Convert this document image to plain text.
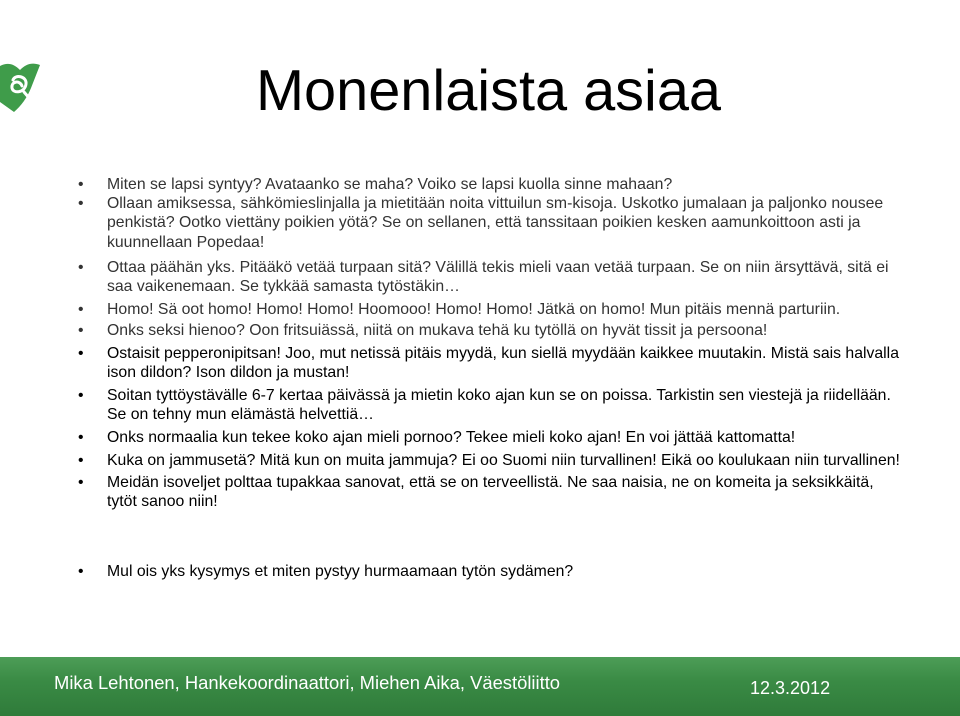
Monenlaista asiaa
• Miten se lapsi syntyy? Avataanko se maha? Voiko se lapsi kuolla sinne mahaan?
• Ollaan amiksessa, sähkömieslinjalla ja mietitään noita vittuilun sm-kisoja. Uskotko jumalaan ja paljonko nousee
penkistä? Ootko viettäny poikien yötä? Se on sellanen, että tanssitaan poikien kesken aamunkoittoon asti ja
kuunnellaan Popedaa!
• Ottaa päähän yks. Pitääkö vetää turpaan sitä? Välillä tekis mieli vaan vetää turpaan. Se on niin ärsyttävä, sitä ei
saa vaikenemaan. Se tykkää samasta tytöstäkin…
• Homo! Sä oot homo! Homo! Homo! Hoomooo! Homo! Homo! Jätkä on homo! Mun pitäis mennä parturiin.
• Onks seksi hienoo? Oon fritsuiässä, niitä on mukava tehä ku tytöllä on hyvät tissit ja persoona!
• Ostaisit pepperonipitsan! Joo, mut netissä pitäis myydä, kun siellä myydään kaikkee muutakin. Mistä sais halvalla
ison dildon? Ison dildon ja mustan!
• Soitan tyttöystävälle 6-7 kertaa päivässä ja mietin koko ajan kun se on poissa. Tarkistin sen viestejä ja riidellään.
Se on tehny mun elämästä helvettiä…
• Onks normaalia kun tekee koko ajan mieli pornoo? Tekee mieli koko ajan! En voi jättää kattomatta!
• Kuka on jammusetä? Mitä kun on muita jammuja? Ei oo Suomi niin turvallinen! Eikä oo koulukaan niin turvallinen!
• Meidän isoveljet polttaa tupakkaa sanovat, että se on terveellistä. Ne saa naisia, ne on komeita ja seksikkäitä,
tytöt sanoo niin!
• Mul ois yks kysymys et miten pystyy hurmaamaan tytön sydämen?
Mika Lehtonen, Hankekoordinaattori, Miehen Aika, Väestöliitto	12.3.2012
